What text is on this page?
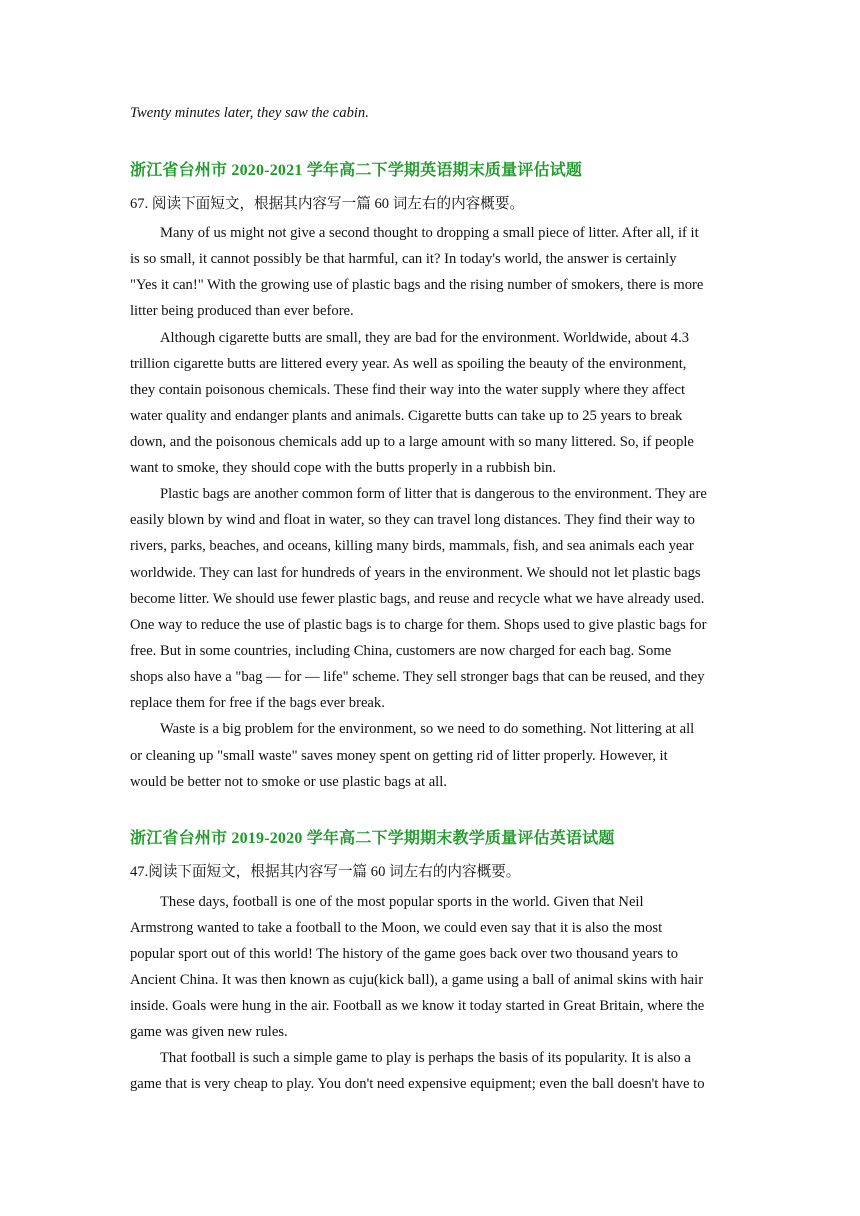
Twenty minutes later, they saw the cabin.
浙江省台州市 2020-2021 学年高二下学期英语期末质量评估试题
67. 阅读下面短文，根据其内容写一篇 60 词左右的内容概要。
Many of us might not give a second thought to dropping a small piece of litter. After all, if it
is so small, it cannot possibly be that harmful, can it? In today's world, the answer is certainly
"Yes it can!" With the growing use of plastic bags and the rising number of smokers, there is more
litter being produced than ever before.
Although cigarette butts are small, they are bad for the environment. Worldwide, about 4.3
trillion cigarette butts are littered every year. As well as spoiling the beauty of the environment,
they contain poisonous chemicals. These find their way into the water supply where they affect
water quality and endanger plants and animals. Cigarette butts can take up to 25 years to break
down, and the poisonous chemicals add up to a large amount with so many littered. So, if people
want to smoke, they should cope with the butts properly in a rubbish bin.
Plastic bags are another common form of litter that is dangerous to the environment. They are
easily blown by wind and float in water, so they can travel long distances. They find their way to
rivers, parks, beaches, and oceans, killing many birds, mammals, fish, and sea animals each year
worldwide. They can last for hundreds of years in the environment. We should not let plastic bags
become litter. We should use fewer plastic bags, and reuse and recycle what we have already used.
One way to reduce the use of plastic bags is to charge for them. Shops used to give plastic bags for
free. But in some countries, including China, customers are now charged for each bag. Some
shops also have a "bag — for — life" scheme. They sell stronger bags that can be reused, and they
replace them for free if the bags ever break.
Waste is a big problem for the environment, so we need to do something. Not littering at all
or cleaning up "small waste" saves money spent on getting rid of litter properly. However, it
would be better not to smoke or use plastic bags at all.
浙江省台州市 2019-2020 学年高二下学期期末教学质量评估英语试题
47.阅读下面短文，根据其内容写一篇 60 词左右的内容概要。
These days, football is one of the most popular sports in the world. Given that Neil
Armstrong wanted to take a football to the Moon, we could even say that it is also the most
popular sport out of this world! The history of the game goes back over two thousand years to
Ancient China. It was then known as cuju(kick ball), a game using a ball of animal skins with hair
inside. Goals were hung in the air. Football as we know it today started in Great Britain, where the
game was given new rules.
That football is such a simple game to play is perhaps the basis of its popularity. It is also a
game that is very cheap to play. You don't need expensive equipment; even the ball doesn't have to
